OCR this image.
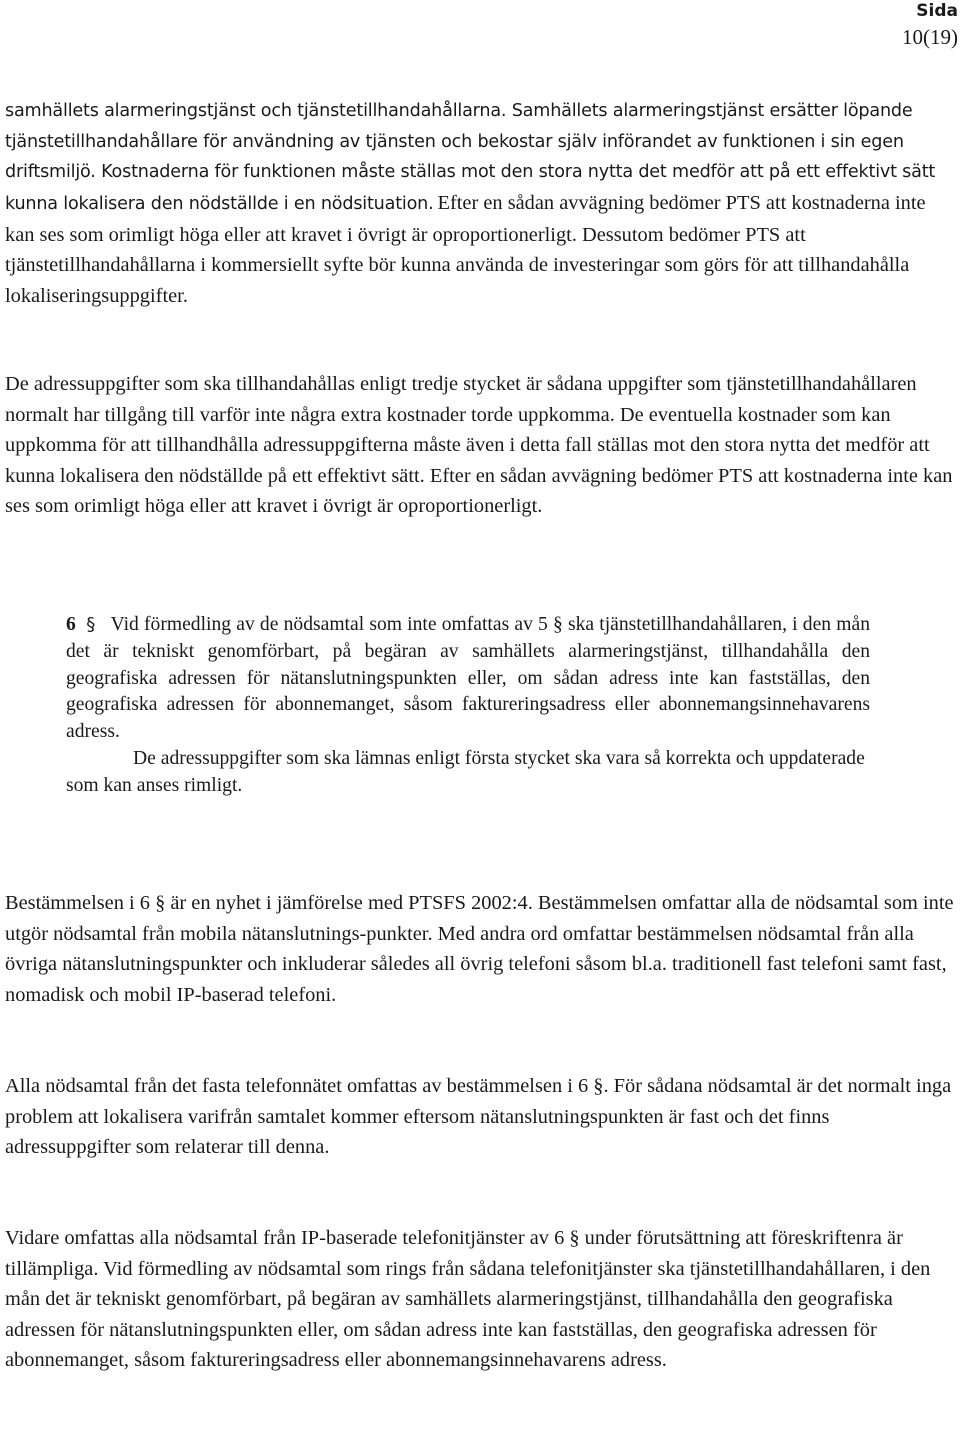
Sida
10(19)

samhällets alarmeringstjänst och tjänstetillhandahållarna. Samhällets alarmeringstjänst ersätter löpande tjänstetillhandahållare för användning av tjänsten och bekostar själv införandet av funktionen i sin egen driftsmiljö. Kostnaderna för funktionen måste ställas mot den stora nytta det medför att på ett effektivt sätt kunna lokalisera den nödställde i en nödsituation. Efter en sådan avvägning bedömer PTS att kostnaderna inte kan ses som orimligt höga eller att kravet i övrigt är oproportionerligt. Dessutom bedömer PTS att tjänstetillhandahållarna i kommersiellt syfte bör kunna använda de investeringar som görs för att tillhandahålla lokaliseringsuppgifter.

De adressuppgifter som ska tillhandahållas enligt tredje stycket är sådana uppgifter som tjänstetillhandahållaren normalt har tillgång till varför inte några extra kostnader torde uppkomma. De eventuella kostnader som kan uppkomma för att tillhandhålla adressuppgifterna måste även i detta fall ställas mot den stora nytta det medför att kunna lokalisera den nödställde på ett effektivt sätt. Efter en sådan avvägning bedömer PTS att kostnaderna inte kan ses som orimligt höga eller att kravet i övrigt är oproportionerligt.

6 § Vid förmedling av de nödsamtal som inte omfattas av 5 § ska tjänstetillhandahållaren, i den mån det är tekniskt genomförbart, på begäran av samhällets alarmeringstjänst, tillhandahålla den geografiska adressen för nätanslutningspunkten eller, om sådan adress inte kan fastställas, den geografiska adressen för abonnemanget, såsom faktureringsadress eller abonnemangsinnehavarens adress.
De adressuppgifter som ska lämnas enligt första stycket ska vara så korrekta och uppdaterade som kan anses rimligt.

Bestämmelsen i 6 § är en nyhet i jämförelse med PTSFS 2002:4. Bestämmelsen omfattar alla de nödsamtal som inte utgör nödsamtal från mobila nätanslutnings-punkter. Med andra ord omfattar bestämmelsen nödsamtal från alla övriga nätanslutningspunkter och inkluderar således all övrig telefoni såsom bl.a. traditionell fast telefoni samt fast, nomadisk och mobil IP-baserad telefoni.

Alla nödsamtal från det fasta telefonnätet omfattas av bestämmelsen i 6 §. För sådana nödsamtal är det normalt inga problem att lokalisera varifrån samtalet kommer eftersom nätanslutningspunkten är fast och det finns adressuppgifter som relaterar till denna.

Vidare omfattas alla nödsamtal från IP-baserade telefonitjänster av 6 § under förutsättning att föreskriftenra är tillämpliga. Vid förmedling av nödsamtal som rings från sådana telefonitjänster ska tjänstetillhandahållaren, i den mån det är tekniskt genomförbart, på begäran av samhällets alarmeringstjänst, tillhandahålla den geografiska adressen för nätanslutningspunkten eller, om sådan adress inte kan fastställas, den geografiska adressen för abonnemanget, såsom faktureringsadress eller abonnemangsinnehavarens adress.
